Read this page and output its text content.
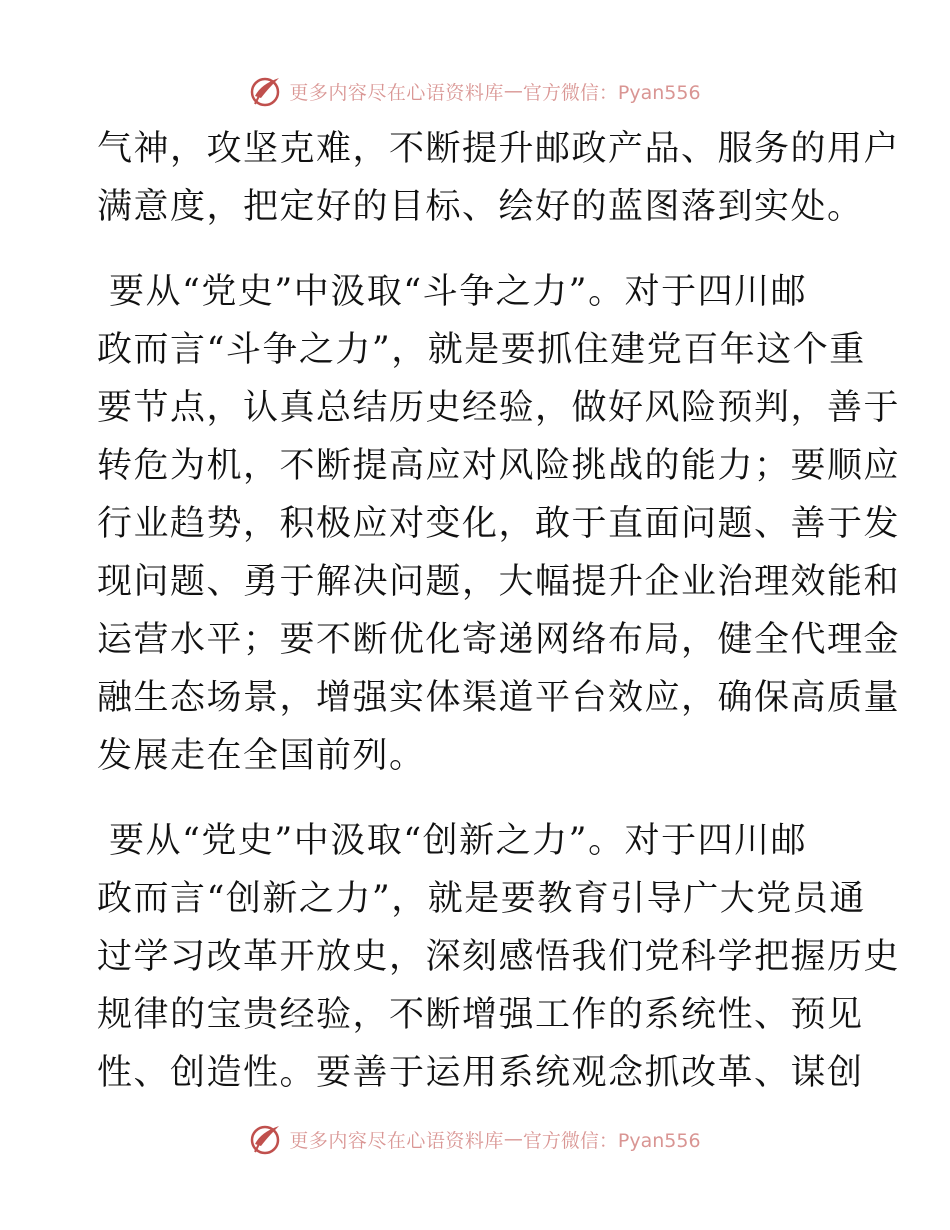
更多内容尽在心语资料库 — 官方微信：Pyan556
气神，攻坚克难，不断提升邮政产品、服务的用户
满意度，把定好的目标、绘好的蓝图落到实处。
要从“党史”中汲取“斗争之力”。对于四川邮
政而言“斗争之力”，就是要抓住建党百年这个重
要节点，认真总结历史经验，做好风险预判，善于
转危为机，不断提高应对风险挑战的能力；要顺应
行业趋势，积极应对变化，敢于直面问题、善于发
现问题、勇于解决问题，大幅提升企业治理效能和
运营水平；要不断优化寄递网络布局，健全代理金
融生态场景，增强实体渠道平台效应，确保高质量
发展走在全国前列。
要从“党史”中汲取“创新之力”。对于四川邮
政而言“创新之力”，就是要教育引导广大党员通
过学习改革开放史，深刻感悟我们党科学把握历史
规律的宝贵经验，不断增强工作的系统性、预见
性、创造性。要善于运用系统观念抓改革、谋创
更多内容尽在心语资料库 — 官方微信：Pyan556
